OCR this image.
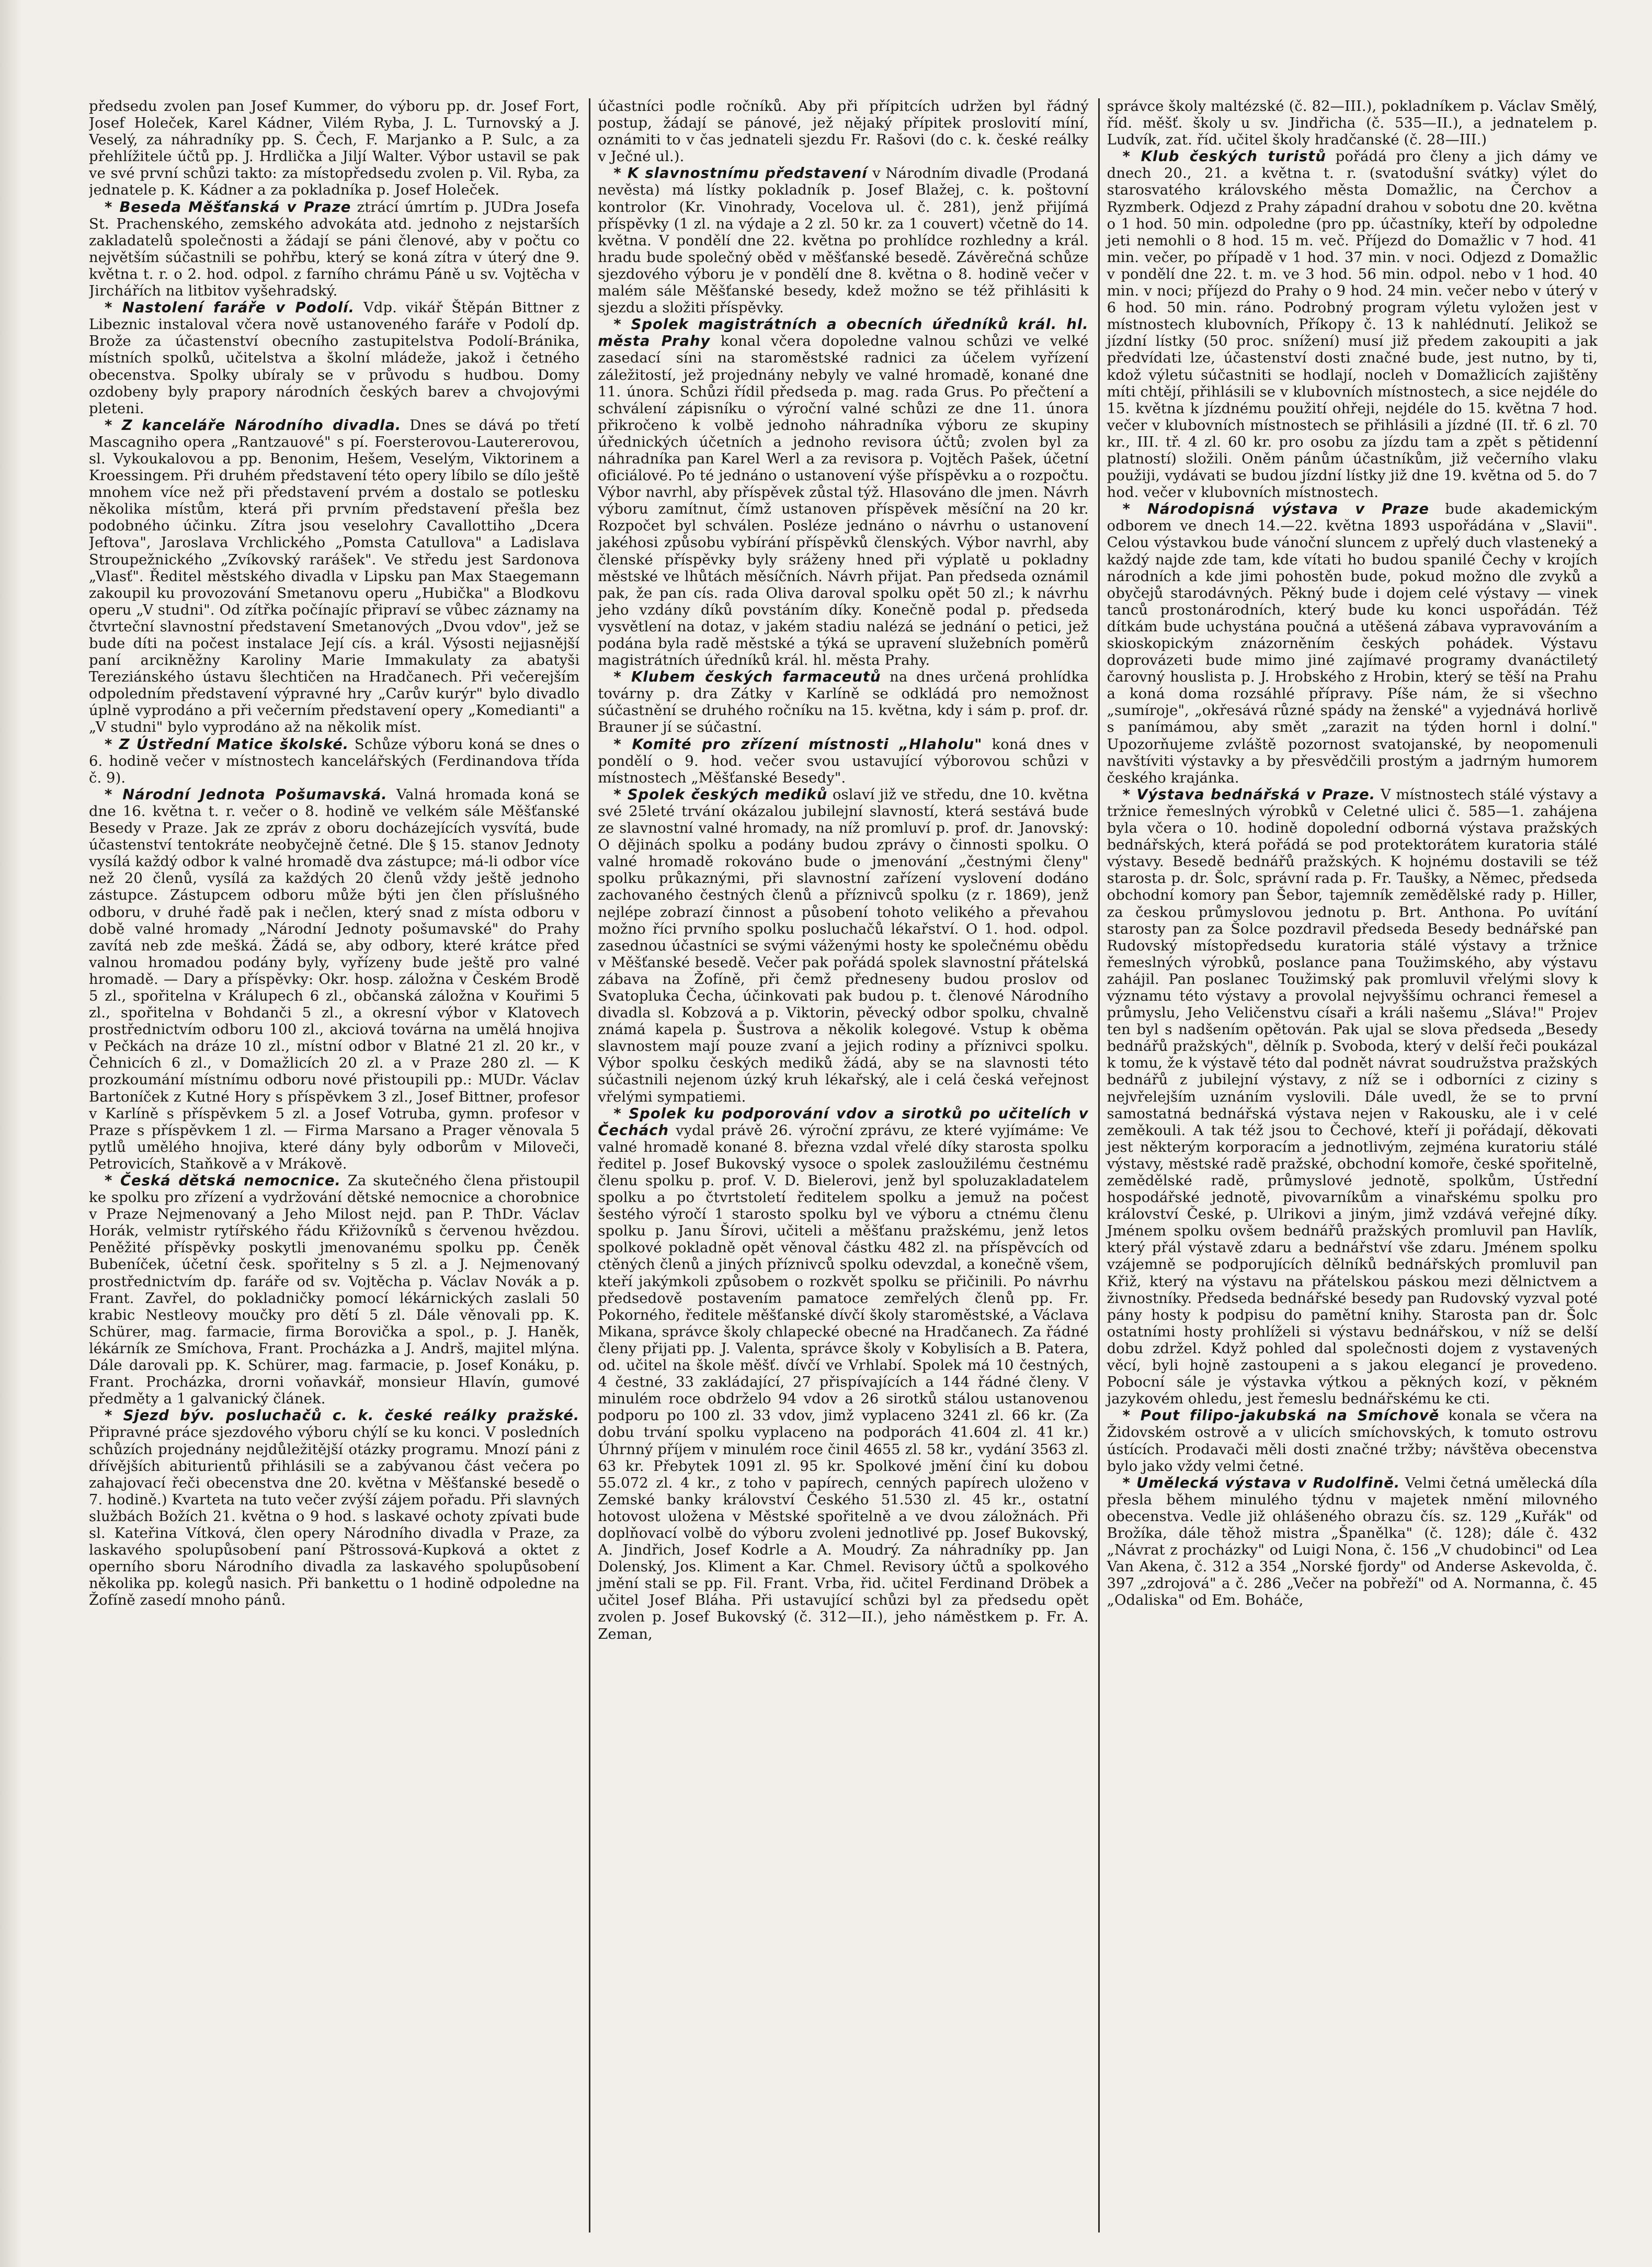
předsedu zvolen pan Josef Kummer, do výboru pp. dr. Josef Fort, Josef Holeček, Karel Kádner, Vilém Ryba, J. L. Turnovský a J. Veselý, za náhradníky pp. S. Čech, F. Marjanko a P. Sulc, a za přehlížitele účtů pp. J. Hrdlička a Jiljí Walter. Výbor ustavil se pak ve své první schůzi takto: za místopředsedu zvolen p. Vil. Ryba, za jednatele p. K. Kádner a za pokladníka p. Josef Holeček.

* Beseda Měšťanská v Praze ztrácí úmrtím p. JUDra Josefa St. Prachenského, zemského advokáta atd. jednoho z nejstarších zakladatelů společnosti a žádají se páni členové, aby v počtu co největším súčastnili se pohřbu, který se koná zítra v úterý dne 9. května t. r. o 2. hod. odpol. z farního chrámu Páně u sv. Vojtěcha v Jirchářích na litbitov vyšehradský.

* Nastolení faráře v Podolí. Vdp. vikář Štěpán Bittner z Libeznic instaloval včera nově ustanoveného faráře v Podolí dp. Brože za účastenství obecního zastupitelstva Podolí-Bránika, místních spolků, učitelstva a školní mládeže, jakož i četného obecenstva. Spolky ubíraly se v průvodu s hudbou. Domy ozdobeny byly prapory národních českých barev a chvojovými pleteni.

* Z kanceláře Národního divadla. Dnes se dává po třetí Mascagniho opera „Rantzauové" s pí. Foersterovou-Lautererovou, sl. Vykoukalovou a pp. Benonim, Hešem, Veselým, Viktorinem a Kroessingem. Při druhém představení této opery líbilo se dílo ještě mnohem více než při představení prvém a dostalo se potlesku několika místům, která při prvním představení přešla bez podobného účinku. Zítra jsou veselohry Cavallottiho „Dcera Jeftova", Jaroslava Vrchlického „Pomsta Catullova" a Ladislava Stroupežnického „Zvíkovský rarášek". Ve středu jest Sardonova „Vlasť". Ředitel městského divadla v Lipsku pan Max Staegemann zakoupil ku provozování Smetanovu operu „Hubička" a Blodkovu operu „V studni". Od zítřka počínajíc připraví se vůbec záznamy na čtvrteční slavnostní představení Smetanových „Dvou vdov", jež se bude díti na počest instalace Její cís. a král. Výsosti nejjasnější paní arcikněžny Karoliny Marie Immakulaty za abatyši Tereziánského ústavu šlechtičen na Hradčanech. Při večerejším odpoledním představení výpravné hry „Carův kurýr" bylo divadlo úplně vyprodáno a při večerním představení opery „Komedianti" a „V studni" bylo vyprodáno až na několik míst.

* Z Ústřední Matice školské. Schůze výboru koná se dnes o 6. hodině večer v místnostech kancelářských (Ferdinandova třída č. 9).

* Národní Jednota Pošumavská. Valná hromada koná se dne 16. května t. r. večer o 8. hodině ve velkém sále Měšťanské Besedy v Praze. Jak ze zpráv z oboru docházejících vysvítá, bude účastenství tentokráte neobyčejně četné. Dle § 15. stanov Jednoty vysílá každý odbor k valné hromadě dva zástupce; má-li odbor více než 20 členů, vysílá za každých 20 členů vždy ještě jednoho zástupce. Zástupcem odboru může býti jen člen příslušného odboru, v druhé řadě pak i nečlen, který snad z místa odboru v době valné hromady „Národní Jednoty pošumavské" do Prahy zavítá neb zde mešká. Žádá se, aby odbory, které krátce před valnou hromadou podány byly, vyřízeny bude ještě pro valné hromadě. — Dary a příspěvky: Okr. hosp. záložna v Českém Brodě 5 zl., spořitelna v Králupech 6 zl., občanská záložna v Kouřimi 5 zl., spořitelna v Bohdanči 5 zl., a okresní výbor v Klatovech prostřednictvím odboru 100 zl., akciová továrna na umělá hnojiva v Pečkách na dráze 10 zl., místní odbor v Blatné 21 zl. 20 kr., v Čehnicích 6 zl., v Domažlicích 20 zl. a v Praze 280 zl. — K prozkoumání místnímu odboru nové přistoupili pp.: MUDr. Václav Bartoníček z Kutné Hory s příspěvkem 3 zl., Josef Bittner, profesor v Karlíně s příspěvkem 5 zl. a Josef Votruba, gymn. profesor v Praze s příspěvkem 1 zl. — Firma Marsano a Prager věnovala 5 pytlů umělého hnojiva, které dány byly odborům v Miloveči, Petrovicích, Staňkově a v Mrákově.

* Česká dětská nemocnice. Za skutečného člena přistoupil ke spolku pro zřízení a vydržování dětské nemocnice a chorobnice v Praze Nejmenovaný a Jeho Milost nejd. pan P. ThDr. Václav Horák, velmistr rytířského řádu Křižovníků s červenou hvězdou. Peněžité příspěvky poskytli jmenovanému spolku pp. Čeněk Bubeníček, účetní česk. spořitelny s 5 zl. a J. Nejmenovaný prostřednictvím dp. faráře od sv. Vojtěcha p. Václav Novák a p. Frant. Zavřel, do pokladničky pomocí lékárnických zaslali 50 krabic Nestleovy moučky pro dětí 5 zl. Dále věnovali pp. K. Schürer, mag. farmacie, firma Borovička a spol., p. J. Haněk, lékárník ze Smíchova, Frant. Procházka a J. Andrš, majitel mlýna. Dále darovali pp. K. Schürer, mag. farmacie, p. Josef Konáku, p. Frant. Procházka, drorni voňavkář, monsieur Hlavín, gumové předměty a 1 galvanický článek.

* Sjezd býv. posluchačů c. k. české reálky pražské. Připravné práce sjezdového výboru chýlí se ku konci. V posledních schůzích projednány nejdůležitější otázky programu. Mnozí páni z dřívějších abiturientů přihlásili se a zabývanou část večera po zahajovací řeči obecenstva dne 20. května v Měšťanské besedě o 7. hodině.) Kvarteta na tuto večer zvýší zájem pořadu. Při slavných službách Božích 21. května o 9 hod. s laskavé ochoty zpívati bude sl. Kateřina Vítková, člen opery Národního divadla v Praze, za laskavého spolupůsobení paní Pštrossová-Kupková a oktet z operního sboru Národního divadla za laskavého spolupůsobení několika pp. kolegů nasich. Při bankettu o 1 hodině odpoledne na Žofíně zasedí mnoho pánů.

účastníci podle ročníků. Aby při přípitcích udržen byl řádný postup, žádají se pánové, jež nějaký přípitek proslovití míní, oznámiti to v čas jednateli sjezdu Fr. Rašovi (do c. k. české reálky v Ječné ul.).

* K slavnostnímu představení v Národním divadle (Prodaná nevěsta) má lístky pokladník p. Josef Blažej, c. k. poštovní kontrolor (Kr. Vinohrady, Vocelova ul. č. 281), jenž přijímá příspěvky (1 zl. na výdaje a 2 zl. 50 kr. za 1 couvert) včetně do 14. května. V pondělí dne 22. května po prohlídce rozhledny a král. hradu bude společný oběd v měšťanské besedě. Závěrečná schůze sjezdového výboru je v pondělí dne 8. května o 8. hodině večer v malém sále Měšťanské besedy, kdež možno se též přihlásiti k sjezdu a složiti příspěvky.

* Spolek magistrátních a obecních úředníků král. hl. města Prahy konal včera dopoledne valnou schůzi ve velké zasedací síni na staroměstské radnici za účelem vyřízení záležitostí, jež projednány nebyly ve valné hromadě, konané dne 11. února. Schůzi řídil předseda p. mag. rada Grus. Po přečtení a schválení zápisníku o výroční valné schůzi ze dne 11. února přikročeno k volbě jednoho náhradníka výboru ze skupiny úřednických účetních a jednoho revisora účtů; zvolen byl za náhradníka pan Karel Werl a za revisora p. Vojtěch Pašek, účetní oficiálové. Po té jednáno o ustanovení výše příspěvku a o rozpočtu. Výbor navrhl, aby příspěvek zůstal týž. Hlasováno dle jmen. Návrh výboru zamítnut, čímž ustanoven příspěvek měsíční na 20 kr. Rozpočet byl schválen. Posléze jednáno o návrhu o ustanovení jakéhosi způsobu vybírání příspěvků členských. Výbor navrhl, aby členské příspěvky byly sráženy hned při výplatě u pokladny městské ve lhůtách měsíčních. Návrh přijat. Pan předseda oznámil pak, že pan cís. rada Oliva daroval spolku opět 50 zl.; k návrhu jeho vzdány díků povstáním díky. Konečně podal p. předseda vysvětlení na dotaz, v jakém stadiu nalézá se jednání o petici, jež podána byla radě městské a týká se upravení služebních poměrů magistrátních úředníků král. hl. města Prahy.

* Klubem českých farmaceutů na dnes určená prohlídka továrny p. dra Zátky v Karlíně se odkládá pro nemožnost súčastnění se druhého ročníku na 15. května, kdy i sám p. prof. dr. Brauner jí se súčastní.

* Komité pro zřízení místnosti „Hlaholu" koná dnes v pondělí o 9. hod. večer svou ustavující výborovou schůzi v místnostech „Měšťanské Besedy".

* Spolek českých mediků oslaví již ve středu, dne 10. května své 25leté trvání okázalou jubilejní slavností, která sestává bude ze slavnostní valné hromady, na níž promluví p. prof. dr. Janovský: O dějinách spolku a podány budou zprávy o činnosti spolku. O valné hromadě rokováno bude o jmenování „čestnými členy" spolku průkaznými, při slavnostní zařízení vyslovení dodáno zachovaného čestných členů a příznivců spolku (z r. 1869), jenž nejlépe zobrazí činnost a působení tohoto velikého a převahou možno říci prvního spolku posluchačů lékařství. O 1. hod. odpol. zasednou účastníci se svými váženými hosty ke společnému obědu v Měšťanské besedě. Večer pak pořádá spolek slavnostní přátelská zábava na Žofíně, při čemž předneseny budou proslov od Svatopluka Čecha, účinkovati pak budou p. t. členové Národního divadla sl. Kobzová a p. Viktorin, pěvecký odbor spolku, chvalně známá kapela p. Šustrova a několik kolegové. Vstup k oběma slavnostem mají pouze zvaní a jejich rodiny a příznivci spolku. Výbor spolku českých mediků žádá, aby se na slavnosti této súčastnili nejenom úzký kruh lékařský, ale i celá česká veřejnost vřelými sympatiemi.

* Spolek ku podporování vdov a sirotků po učitelích v Čechách vydal právě 26. výroční zprávu, ze které vyjímáme: Ve valné hromadě konané 8. března vzdal vřelé díky starosta spolku ředitel p. Josef Bukovský vysoce o spolek zasloužilému čestnému členu spolku p. prof. V. D. Bielerovi, jenž byl spoluzakladatelem spolku a po čtvrtstoletí ředitelem spolku a jemuž na počest šestého výročí 1 starosto spolku byl ve výboru a ctnému členu spolku p. Janu Šírovi, učiteli a měšťanu pražskému, jenž letos spolkové pokladně opět věnoval částku 482 zl. na příspěvcích od ctěných členů a jiných příznivců spolku odevzdal, a konečně všem, kteří jakýmkoli způsobem o rozkvět spolku se přičinili. Po návrhu předsedově postavením pamatoce zemřelých členů pp. Fr. Pokorného, ředitele měšťanské dívčí školy staroměstské, a Václava Mikana, správce školy chlapecké obecné na Hradčanech. Za řádné členy přijati pp. J. Valenta, správce školy v Kobylisích a B. Patera, od. učitel na škole měšť. dívčí ve Vrhlabí. Spolek má 10 čestných, 4 čestné, 33 zakládající, 27 přispívajících a 144 řádné členy. V minulém roce obdrželo 94 vdov a 26 sirotků stálou ustanovenou podporu po 100 zl. 33 vdov, jimž vyplaceno 3241 zl. 66 kr. (Za dobu trvání spolku vyplaceno na podporách 41.604 zl. 41 kr.) Úhrnný příjem v minulém roce činil 4655 zl. 58 kr., vydání 3563 zl. 63 kr. Přebytek 1091 zl. 95 kr. Spolkové jmění činí ku dobou 55.072 zl. 4 kr., z toho v papírech, cenných papírech uloženo v Zemské banky království Českého 51.530 zl. 45 kr., ostatní hotovost uložena v Městské spořitelně a ve dvou záložnách. Při doplňovací volbě do výboru zvoleni jednotlivé pp. Josef Bukovský, A. Jindřich, Josef Kodrle a A. Moudrý. Za náhradníky pp. Jan Dolenský, Jos. Kliment a Kar. Chmel. Revisory účtů a spolkového jmění stali se pp. Fil. Frant. Vrba, řid. učitel Ferdinand Dröbek a učitel Josef Bláha. Při ustavující schůzi byl za předsedu opět zvolen p. Josef Bukovský (č. 312—II.), jeho náměstkem p. Fr. A. Zeman,

správce školy maltézské (č. 82—III.), pokladníkem p. Václav Smělý, říd. měšť. školy u sv. Jindřicha (č. 535—II.), a jednatelem p. Ludvík, zat. říd. učitel školy hradčanské (č. 28—III.)

* Klub českých turistů pořádá pro členy a jich dámy ve dnech 20., 21. a května t. r. (svatodušní svátky) výlet do starosvatého královského města Domažlic, na Čerchov a Ryzmberk. Odjezd z Prahy západní drahou v sobotu dne 20. května o 1 hod. 50 min. odpoledne (pro pp. účastníky, kteří by odpoledne jeti nemohli o 8 hod. 15 m. več. Příjezd do Domažlic v 7 hod. 41 min. večer, po případě v 1 hod. 37 min. v noci. Odjezd z Domažlic v pondělí dne 22. t. m. ve 3 hod. 56 min. odpol. nebo v 1 hod. 40 min. v noci; příjezd do Prahy o 9 hod. 24 min. večer nebo v úterý v 6 hod. 50 min. ráno. Podrobný program výletu vyložen jest v místnostech klubovních, Příkopy č. 13 k nahlédnutí. Jelikož se jízdní lístky (50 proc. snížení) musí již předem zakoupiti a jak předvídati lze, účastenství dosti značné bude, jest nutno, by ti, kdož výletu súčastniti se hodlají, nocleh v Domažlicích zajištěny míti chtějí, přihlásili se v klubovních místnostech, a sice nejdéle do 15. května k jízdnému použití ohřeji, nejdéle do 15. května 7 hod. večer v klubovních místnostech se přihlásili a jízdné (II. tř. 6 zl. 70 kr., III. tř. 4 zl. 60 kr. pro osobu za jízdu tam a zpět s pětidenní platností) složili. Oněm pánům účastníkům, již večerního vlaku použiji, vydávati se budou jízdní lístky již dne 19. května od 5. do 7 hod. večer v klubovních místnostech.

* Národopisná výstava v Praze bude akademickým odborem ve dnech 14.—22. května 1893 uspořádána v „Slavii". Celou výstavkou bude vánoční sluncem z upřelý duch vlasteneký a každý najde zde tam, kde vítati ho budou spanilé Čechy v krojích národních a kde jimi pohostěn bude, pokud možno dle zvyků a obyčejů starodávných. Pěkný bude i dojem celé výstavy — vinek tanců prostonárodních, který bude ku konci uspořádán. Též dítkám bude uchystána poučná a utěšená zábava vypravováním a skioskopickým znázorněním českých pohádek. Výstavu doprovázeti bude mimo jiné zajímavé programy dvanáctiletý čarovný houslista p. J. Hrobského z Hrobin, který se těší na Prahu a koná doma rozsáhlé přípravy. Píše nám, že si všechno „sumíroje", „okřesává různé spády na ženské" a vyjednává horlivě s panímámou, aby smět „zarazit na týden hornl i dolní." Upozorňujeme zvláště pozornost svatojanské, by neopomenuli navštíviti výstavky a by přesvědčili prostým a jadrným humorem českého krajánka.

* Výstava bednářská v Praze. V místnostech stálé výstavy a tržnice řemeslných výrobků v Celetné ulici č. 585—1. zahájena byla včera o 10. hodině dopolední odborná výstava pražských bednářských, která pořádá se pod protektorátem kuratoria stálé výstavy. Besedě bednářů pražských. K hojnému dostavili se též starosta p. dr. Šolc, správní rada p. Fr. Taušky, a Němec, předseda obchodní komory pan Šebor, tajemník zemědělské rady p. Hiller, za českou průmyslovou jednotu p. Brt. Anthona. Po uvítání starosty pan za Šolce pozdravil předseda Besedy bednářské pan Rudovský místopředsedu kuratoria stálé výstavy a tržnice řemeslných výrobků, poslance pana Toužimského, aby výstavu zahájil. Pan poslanec Toužimský pak promluvil vřelými slovy k významu této výstavy a provolal nejvyššímu ochranci řemesel a průmyslu, Jeho Veličenstvu císaři a králi našemu „Sláva!" Projev ten byl s nadšením opětován. Pak ujal se slova předseda „Besedy bednářů pražských", dělník p. Svoboda, který v delší řeči poukázal k tomu, že k výstavě této dal podnět návrat soudružstva pražských bednářů z jubilejní výstavy, z níž se i odborníci z ciziny s nejvřelejším uznáním vyslovili. Dále uvedl, že se to první samostatná bednářská výstava nejen v Rakousku, ale i v celé zeměkouli. A tak též jsou to Čechové, kteří ji pořádají, děkovati jest některým korporacím a jednotlivým, zejména kuratoriu stálé výstavy, městské radě pražské, obchodní komoře, české spořitelně, zemědělské radě, průmyslové jednotě, spolkům, Ústřední hospodářské jednotě, pivovarníkům a vinařskému spolku pro království České, p. Ulrikovi a jiným, jimž vzdává veřejné díky. Jménem spolku ovšem bednářů pražských promluvil pan Havlík, který přál výstavě zdaru a bednářství vše zdaru. Jménem spolku vzájemně se podporujících dělníků bednářských promluvil pan Křiž, který na výstavu na přátelskou páskou mezi dělnictvem a živnostníky. Předseda bednářské besedy pan Rudovský vyzval poté pány hosty k podpisu do pamětní knihy. Starosta pan dr. Šolc ostatními hosty prohlíželi si výstavu bednářskou, v níž se delší dobu zdržel. Když pohled dal společnosti dojem z vystavených věcí, byli hojně zastoupeni a s jakou elegancí je provedeno. Pobocní sále je výstavka výtkou a pěkných kozí, v pěkném jazykovém ohledu, jest řemeslu bednářskému ke cti.

* Pout filipo-jakubská na Smíchově konala se včera na Židovském ostrově a v ulicích smíchovských, k tomuto ostrovu ústících. Prodavači měli dosti značné tržby; návštěva obecenstva bylo jako vždy velmi četné.

* Umělecká výstava v Rudolfině. Velmi četná umělecká díla přesla během minulého týdnu v majetek nmění milovného obecenstva. Vedle již ohlášeného obrazu čís. sz. 129 „Kuřák" od Brožíka, dále těhož mistra „Španělka" (č. 128); dále č. 432 „Návrat z procházky" od Luigi Nona, č. 156 „V chudobinci" od Lea Van Akena, č. 312 a 354 „Norské fjordy" od Anderse Askevolda, č. 397 „zdrojová" a č. 286 „Večer na pobřeží" od A. Normanna, č. 45 „Odaliska" od Em. Boháče,
